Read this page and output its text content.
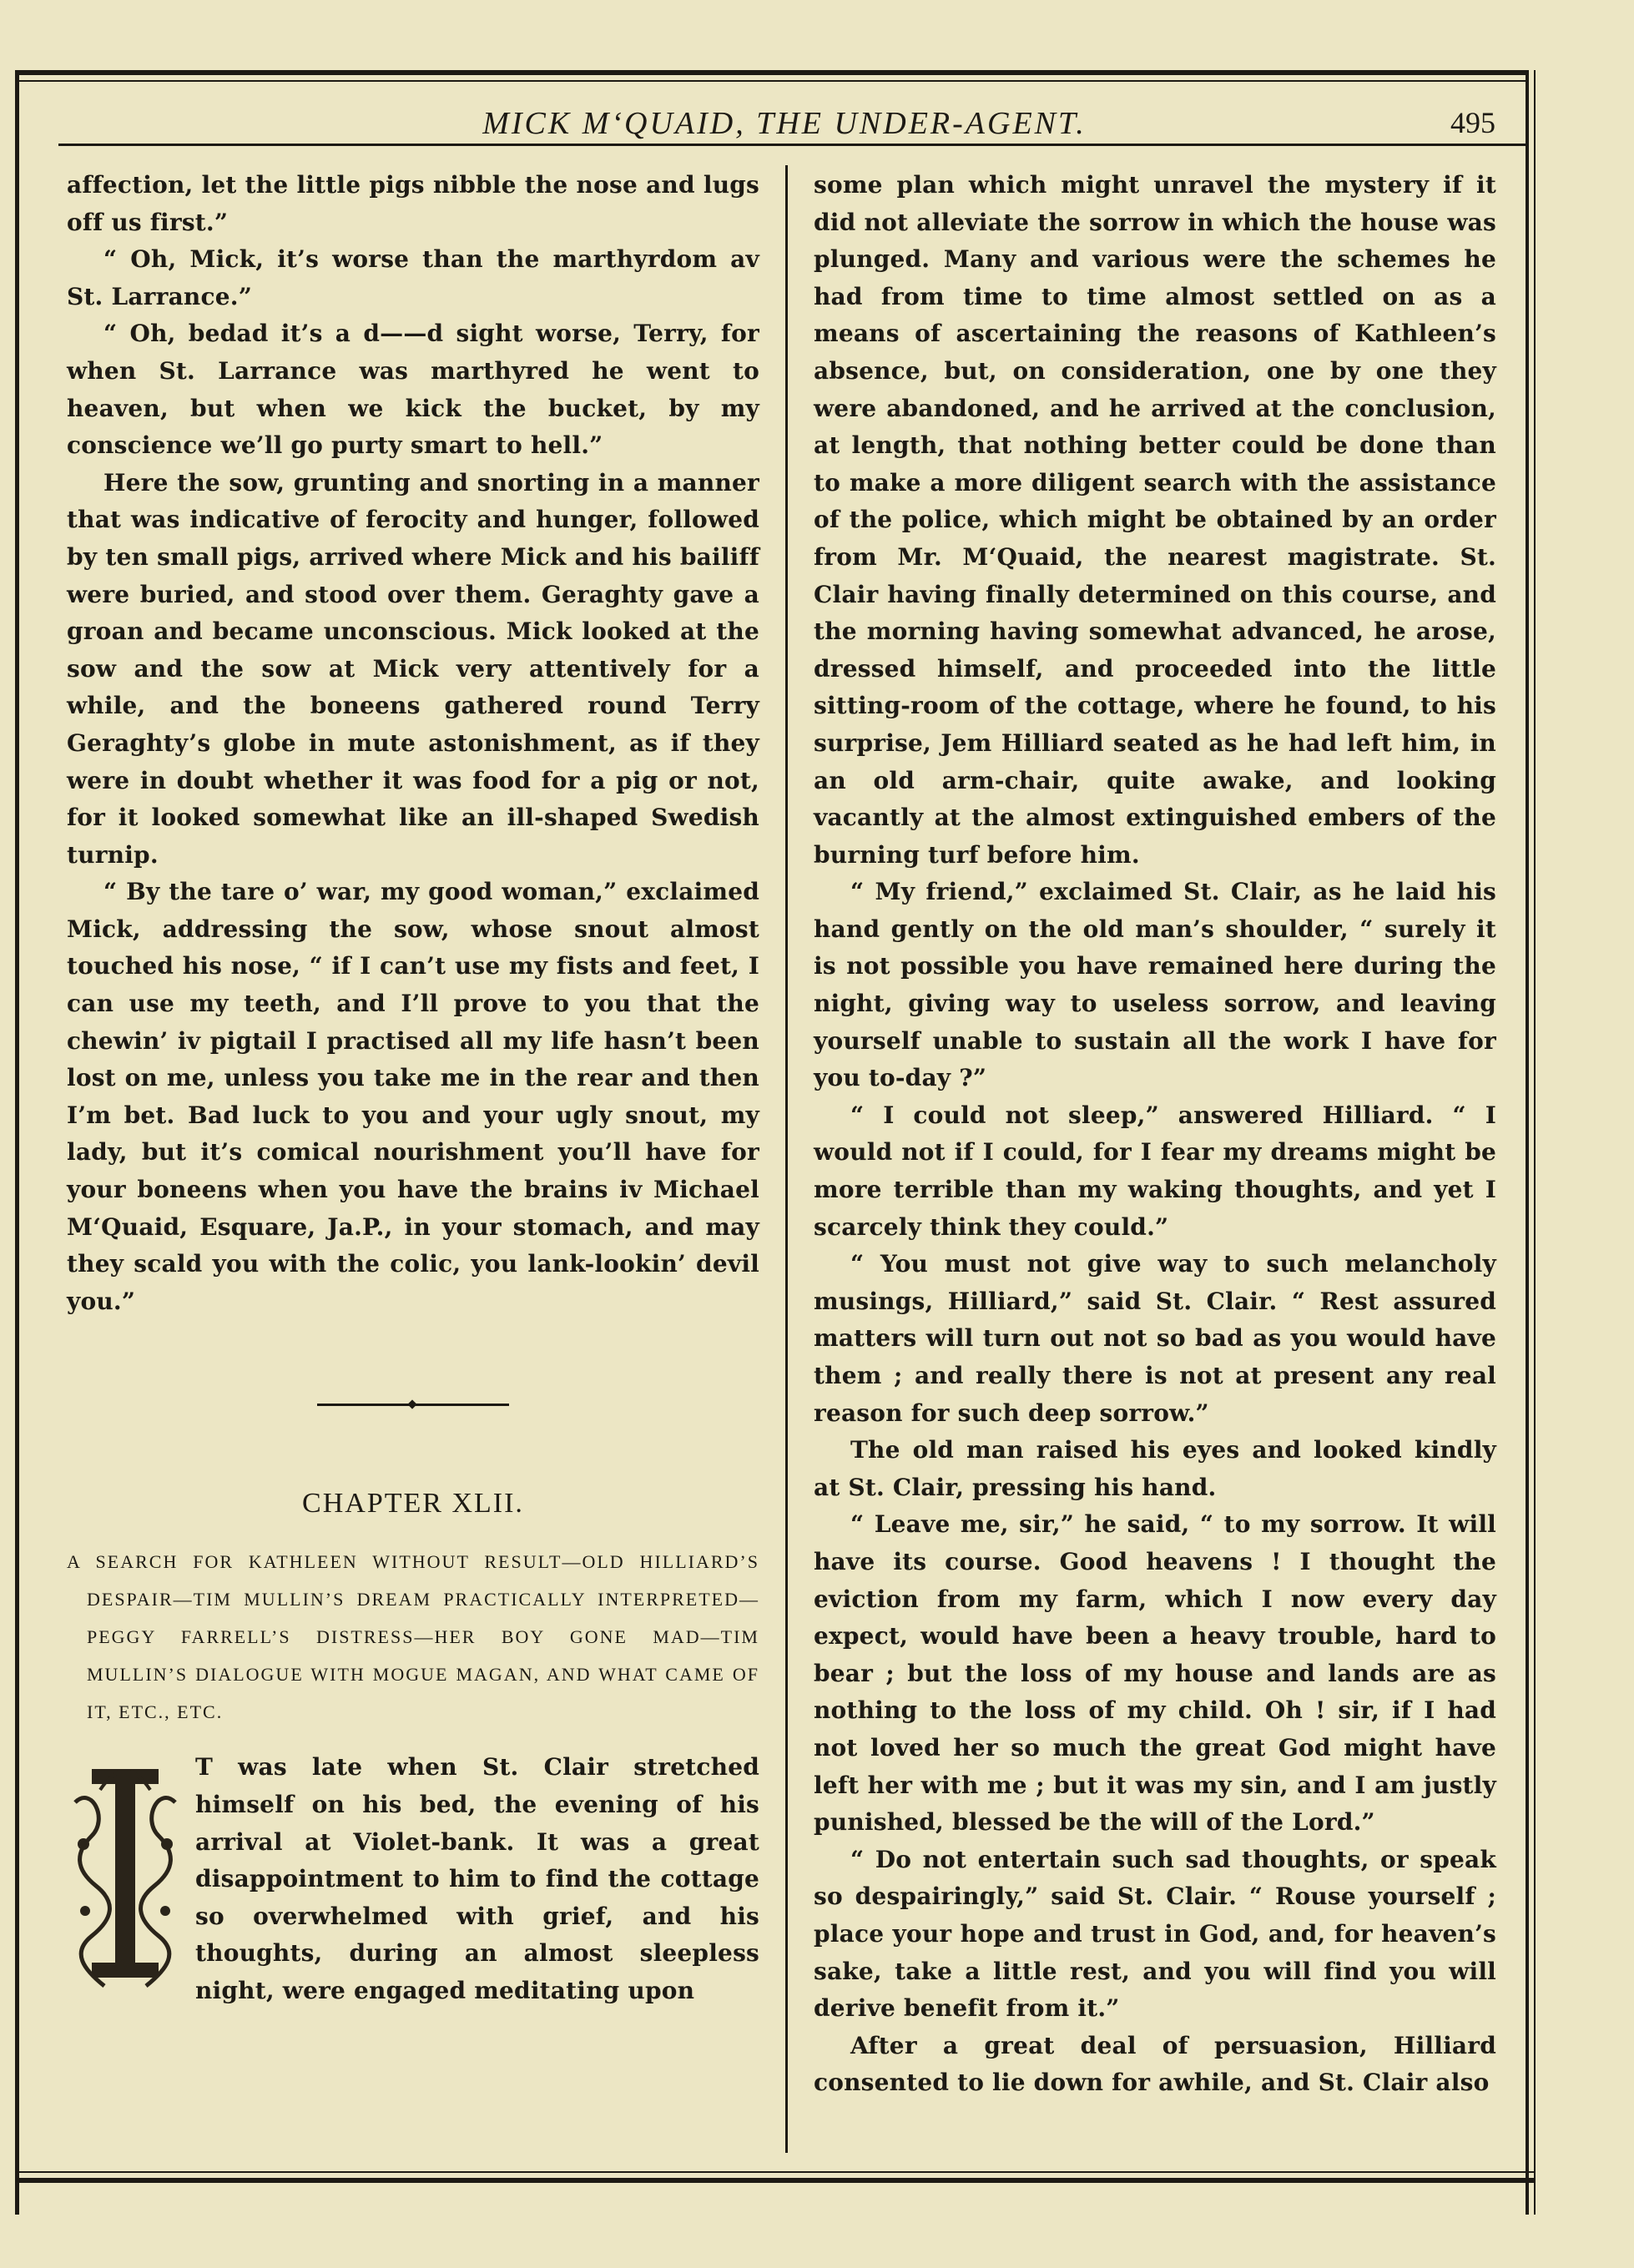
MICK M‘QUAID, THE UNDER-AGENT.	495

affection, let the little pigs nibble the nose and lugs off us first.”

“ Oh, Mick, it’s worse than the marthyrdom av St. Larrance.”

“ Oh, bedad it’s a d——d sight worse, Terry, for when St. Larrance was marthyred he went to heaven, but when we kick the bucket, by my conscience we’ll go purty smart to hell.”

Here the sow, grunting and snorting in a manner that was indicative of ferocity and hunger, followed by ten small pigs, arrived where Mick and his bailiff were buried, and stood over them. Geraghty gave a groan and became unconscious. Mick looked at the sow and the sow at Mick very attentively for a while, and the boneens gathered round Terry Geraghty’s globe in mute astonishment, as if they were in doubt whether it was food for a pig or not, for it looked somewhat like an ill-shaped Swedish turnip.

“ By the tare o’ war, my good woman,” exclaimed Mick, addressing the sow, whose snout almost touched his nose, “ if I can’t use my fists and feet, I can use my teeth, and I’ll prove to you that the chewin’ iv pigtail I practised all my life hasn’t been lost on me, unless you take me in the rear and then I’m bet. Bad luck to you and your ugly snout, my lady, but it’s comical nourishment you’ll have for your boneens when you have the brains iv Michael M‘Quaid, Esquare, Ja.P., in your stomach, and may they scald you with the colic, you lank-lookin’ devil you.”

CHAPTER XLII.
A SEARCH FOR KATHLEEN WITHOUT RESULT—OLD HILLIARD’S DESPAIR—TIM MULLIN’S DREAM PRACTICALLY INTERPRETED—PEGGY FARRELL’S DISTRESS—HER BOY GONE MAD—TIM MULLIN’S DIALOGUE WITH MOGUE MAGAN, AND WHAT CAME OF IT, ETC., ETC.

T was late when St. Clair stretched himself on his bed, the evening of his arrival at Violet-bank. It was a great disappointment to him to find the cottage so overwhelmed with grief, and his thoughts, during an almost sleepless night, were engaged meditating upon

some plan which might unravel the mystery if it did not alleviate the sorrow in which the house was plunged. Many and various were the schemes he had from time to time almost settled on as a means of ascertaining the reasons of Kathleen’s absence, but, on consideration, one by one they were abandoned, and he arrived at the conclusion, at length, that nothing better could be done than to make a more diligent search with the assistance of the police, which might be obtained by an order from Mr. M‘Quaid, the nearest magistrate. St. Clair having finally determined on this course, and the morning having somewhat advanced, he arose, dressed himself, and proceeded into the little sitting-room of the cottage, where he found, to his surprise, Jem Hilliard seated as he had left him, in an old arm-chair, quite awake, and looking vacantly at the almost extinguished embers of the burning turf before him.

“ My friend,” exclaimed St. Clair, as he laid his hand gently on the old man’s shoulder, “ surely it is not possible you have remained here during the night, giving way to useless sorrow, and leaving yourself unable to sustain all the work I have for you to-day ?”

“ I could not sleep,” answered Hilliard. “ I would not if I could, for I fear my dreams might be more terrible than my waking thoughts, and yet I scarcely think they could.”

“ You must not give way to such melancholy musings, Hilliard,” said St. Clair. “ Rest assured matters will turn out not so bad as you would have them ; and really there is not at present any real reason for such deep sorrow.”

The old man raised his eyes and looked kindly at St. Clair, pressing his hand.

“ Leave me, sir,” he said, “ to my sorrow. It will have its course. Good heavens ! I thought the eviction from my farm, which I now every day expect, would have been a heavy trouble, hard to bear ; but the loss of my house and lands are as nothing to the loss of my child. Oh ! sir, if I had not loved her so much the great God might have left her with me ; but it was my sin, and I am justly punished, blessed be the will of the Lord.”

“ Do not entertain such sad thoughts, or speak so despairingly,” said St. Clair. “ Rouse yourself ; place your hope and trust in God, and, for heaven’s sake, take a little rest, and you will find you will derive benefit from it.”

After a great deal of persuasion, Hilliard consented to lie down for awhile, and St. Clair also
